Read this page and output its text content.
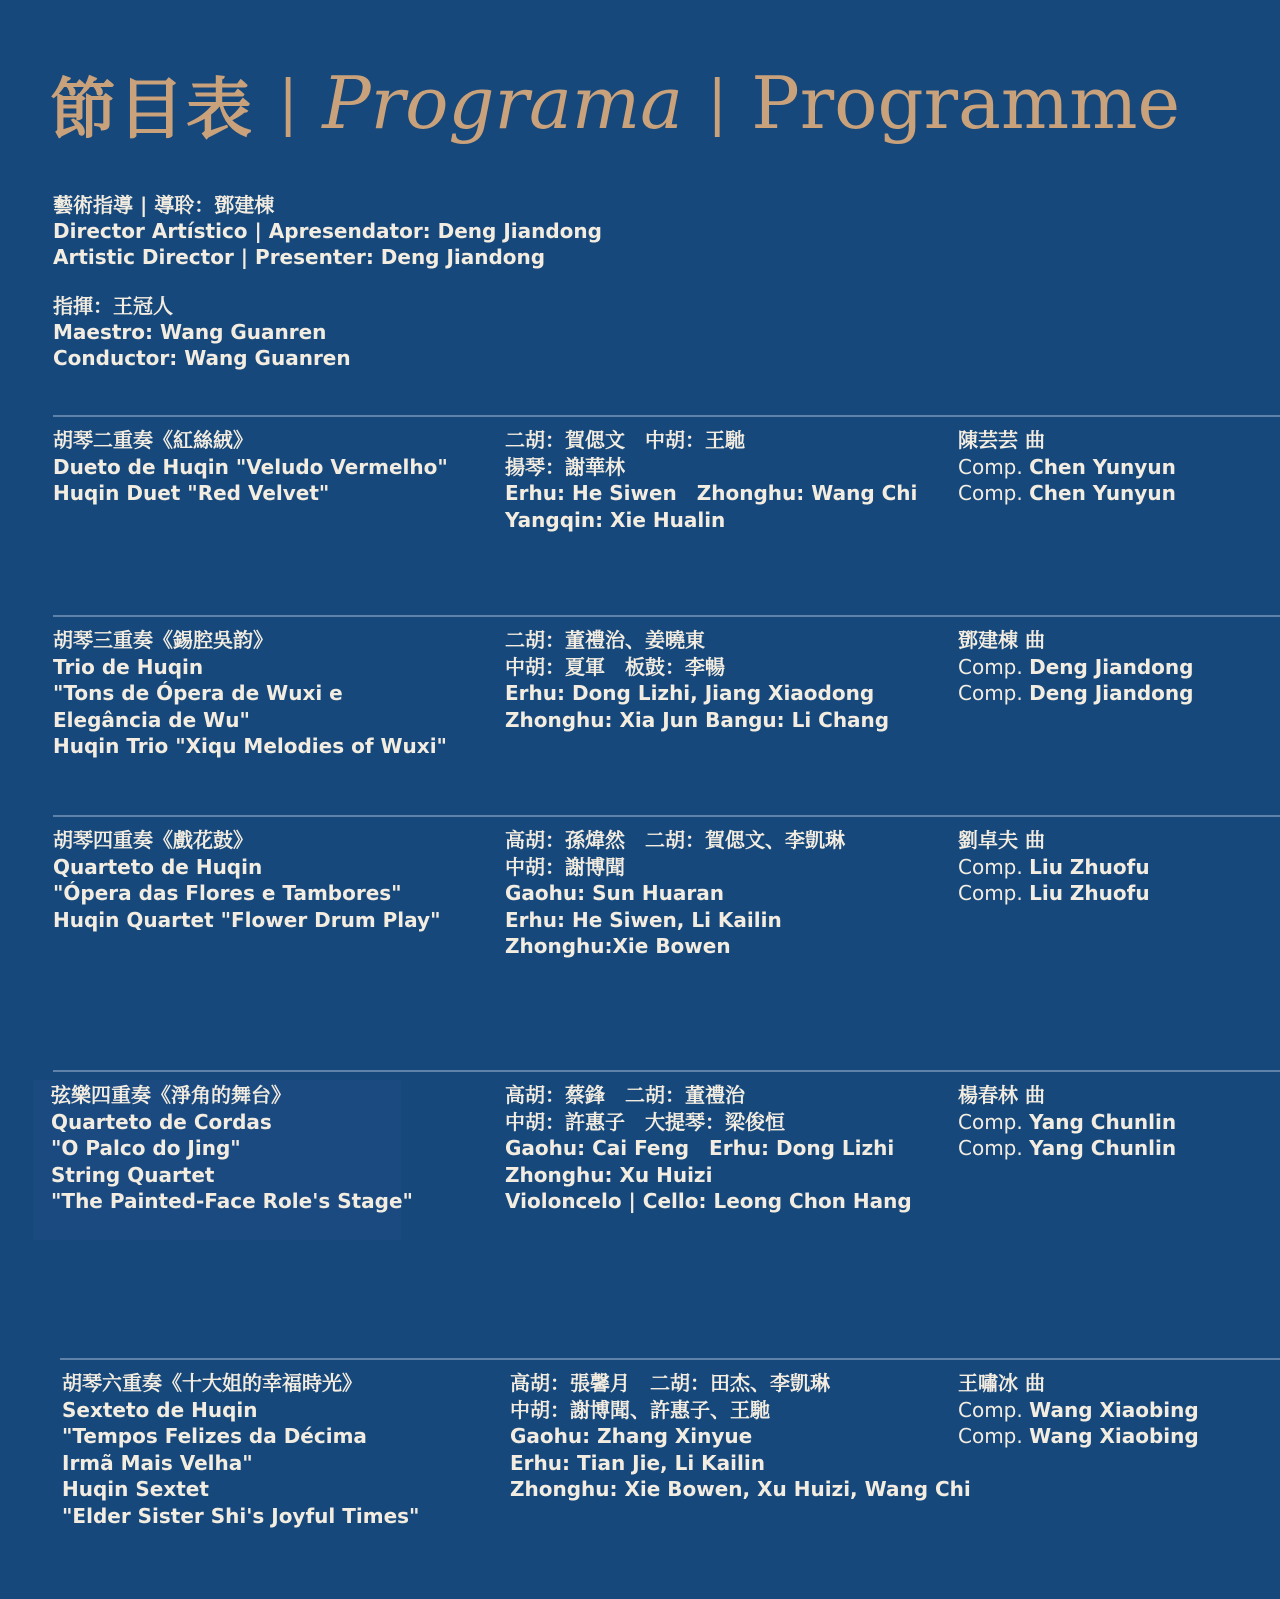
節目表 | Programa | Programme
藝術指導 | 導聆：鄧建棟
Director Artístico | Apresendator: Deng Jiandong
Artistic Director | Presenter: Deng Jiandong
指揮：王冠人
Maestro: Wang Guanren
Conductor: Wang Guanren
胡琴二重奏《紅絲絨》
Dueto de Huqin "Veludo Vermelho"
Huqin Duet "Red Velvet"
二胡：賀偲文　中胡：王馳
揚琴：謝華林
Erhu: He Siwen　Zhonghu: Wang Chi
Yangqin: Xie Hualin
陳芸芸 曲
Comp. Chen Yunyun
Comp. Chen Yunyun
胡琴三重奏《錫腔吳韵》
Trio de Huqin
"Tons de Ópera de Wuxi e
Elegância de Wu"
Huqin Trio "Xiqu Melodies of Wuxi"
二胡：董禮治、姜曉東
中胡：夏軍　板鼓：李暢
Erhu: Dong Lizhi, Jiang Xiaodong
Zhonghu: Xia Jun Bangu: Li Chang
鄧建棟 曲
Comp. Deng Jiandong
Comp. Deng Jiandong
胡琴四重奏《戲花鼓》
Quarteto de Huqin
"Ópera das Flores e Tambores"
Huqin Quartet "Flower Drum Play"
高胡：孫煒然　二胡：賀偲文、李凱琳
中胡：謝博聞
Gaohu: Sun Huaran
Erhu: He Siwen, Li Kailin
Zhonghu:Xie Bowen
劉卓夫 曲
Comp. Liu Zhuofu
Comp. Liu Zhuofu
弦樂四重奏《淨角的舞台》
Quarteto de Cordas
"O Palco do Jing"
String Quartet
"The Painted-Face Role's Stage"
高胡：蔡鋒　二胡：董禮治
中胡：許惠子　大提琴：梁俊恒
Gaohu: Cai Feng　Erhu: Dong Lizhi
Zhonghu: Xu Huizi
Violoncelo | Cello: Leong Chon Hang
楊春林 曲
Comp. Yang Chunlin
Comp. Yang Chunlin
胡琴六重奏《十大姐的幸福時光》
Sexteto de Huqin
"Tempos Felizes da Décima
Irmã Mais Velha"
Huqin Sextet
"Elder Sister Shi's Joyful Times"
高胡：張馨月　二胡：田杰、李凱琳
中胡：謝博聞、許惠子、王馳
Gaohu: Zhang Xinyue
Erhu: Tian Jie, Li Kailin
Zhonghu: Xie Bowen, Xu Huizi, Wang Chi
王嘯冰 曲
Comp. Wang Xiaobing
Comp. Wang Xiaobing
